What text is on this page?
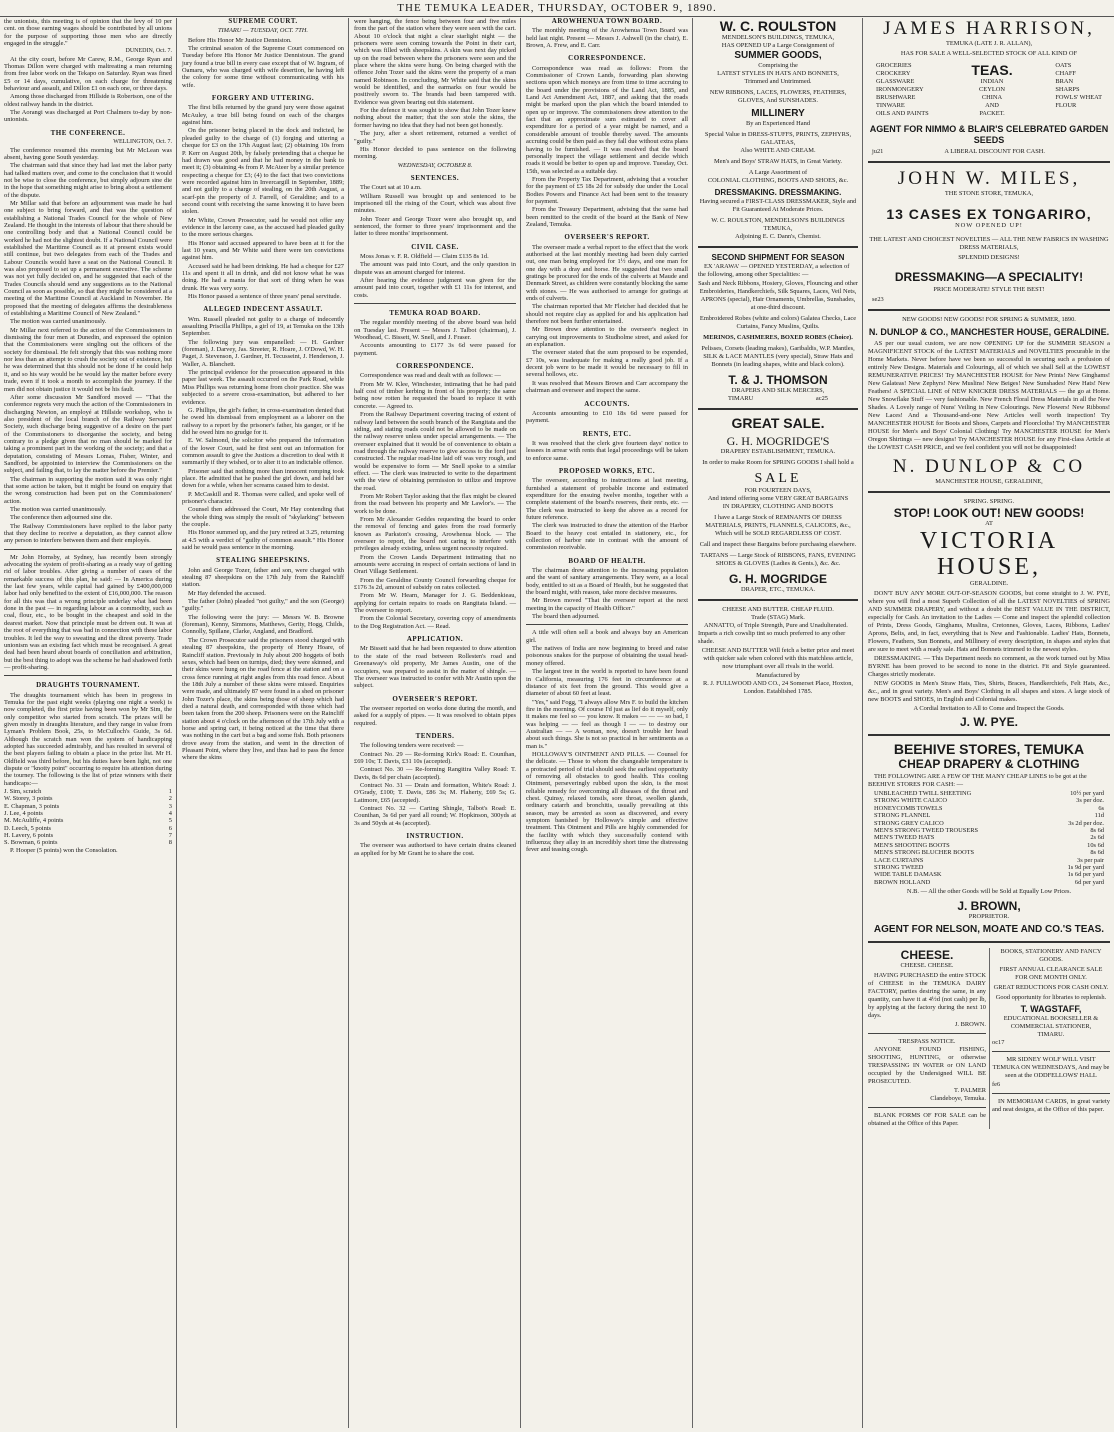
THE TEMUKA LEADER, THURSDAY, OCTOBER 9, 1890.

the unionists, this meeting is of opinion that the levy of 10 per cent. on those earning wages should be contributed by all unions for the purpose of supporting those men who are directly engaged in the struggle."

DUNEDIN, Oct. 7.

At the city court, before Mr Carew, R.M., George Ryan and Thomas Dillon were charged with maltreating a man returning from free labor work on the Tekapo on Saturday. Ryan was fined £5 or 14 days, cumulative, on each charge for threatening behaviour and assault, and Dillon £1 on each one, or three days.

Among those discharged from Hillside is Robertson, one of the oldest railway hands in the district.

The Aorangi was discharged at Port Chalmers to-day by non-unionists.

THE CONFERENCE.
WELLINGTON, Oct. 7.

The conference resumed this morning but Mr McLean was absent, having gone South yesterday.

The chairman said that since they had last met the labor party had talked matters over, and come to the conclusion that it would not be wise to close the conference, but simply adjourn sine die in the hope that something might arise to bring about a settlement of the dispute.

Mr Millar said that before an adjournment was made he had one subject to bring forward, and that was the question of establishing a National Trades Council for the whole of New Zealand. He thought in the interests of labour that there should be one controlling body and that a National Council could be worked he had not the slightest doubt. If a National Council were established the Maritime Council as it at present exists would still continue, but two delegates from each of the Trades and Labour Councils would have a seat on the National Council. It was also proposed to set up a permanent executive. The scheme was not yet fully decided on, and he suggested that each of the Trades Councils should send any suggestions as to the National Council as soon as possible, so that they might be considered at a meeting of the Maritime Council at Auckland in November. He proposed that the meeting of delegates affirms the desirableness of establishing a Maritime Council of New Zealand."

The motion was carried unanimously.

Mr Millar next referred to the action of the Commissioners in dismissing the four men at Dunedin, and expressed the opinion that the Commissioners were singling out the officers of the society for dismissal. He felt strongly that this was nothing more nor less than an attempt to crush the society out of existence, but he was determined that this should not be done if he could help it, and so his way would be he would lay the matter before every trade, even if it took a month to accomplish the journey. If the men did not obtain justice it would not be his fault.

After some discussion Mr Sandford moved — "That the conference regrets very much the action of the Commissioners in discharging Newton, an employé at Hillside workshop, who is also president of the local branch of the Railway Servants' Society, such discharge being suggestive of a desire on the part of the Commissioners to disorganise the society, and being contrary to a pledge given that no man should be marked for taking a prominent part in the working of the society; and that a deputation, consisting of Messrs Lomas, Fisher, Winter, and Sandford, be appointed to interview the Commissioners on the subject, and failing that, to lay the matter before the Premier."

The chairman in supporting the motion said it was only right that some action be taken, but it might be found on enquiry that the wrong construction had been put on the Commissioners' action.

The motion was carried unanimously.

The conference then adjourned sine die.

The Railway Commissioners have replied to the labor party that they decline to receive a deputation, as they cannot allow any person to interfere between them and their employés.

Mr John Hornsby, at Sydney, has recently been strongly advocating the system of profit-sharing as a ready way of getting rid of labor troubles. After giving a number of cases of the remarkable success of this plan, he said: — In America during the last few years, while capital had gained by £400,000,000 labor had only benefited to the extent of £16,000,000. The reason for all this was that a wrong principle underlay what had been done in the past — in regarding labour as a commodity, such as coal, flour, etc., to be bought in the cheapest and sold in the dearest market. Now that principle must be driven out. It was at the root of everything that was bad in connection with these labor troubles. It led the way to sweating and the direst poverty. Trade unionism was an existing fact which must be recognised. A great deal had been heard about boards of conciliation and arbitration, but the best thing to adopt was the scheme he had shadowed forth — profit-sharing.

DRAUGHTS TOURNAMENT.

The draughts tournament which has been in progress in Temuka for the past eight weeks (playing one night a week) is now completed, the first prize having been won by Mr Sim, the only competitor who started from scratch. The prizes will be given mostly in draughts literature, and they range in value from Lyman's Problem Book, 25s, to McCulloch's Guide, 3s 6d. Although the scratch man won the system of handicapping adopted has succeeded admirably, and has resulted in several of the best players failing to obtain a place in the prize list. Mr H. Oldfield was third before, but his duties have been light, not one dispute or "knotty point" occurring to require his attention during the tourney. The following is the list of prize winners with their handicaps:—

J. Sim, scratch	1
W. Storey, 3 points	2
E. Chapman, 3 points	3
J. Lee, 4 points	4
M. McAuliffe, 4 points	5
D. Leech, 5 points	6
H. Lavery, 6 points	7
S. Bowman, 6 points	8

P. Hooper (5 points) won the Consolation.

SUPREME COURT.
TIMARU — TUESDAY, OCT. 7TH.

Before His Honor Mr Justice Denniston.

The criminal session of the Supreme Court commenced on Tuesday before His Honor Mr Justice Dennistoun. The grand jury found a true bill in every case except that of W. Ingram, of Oamaru, who was charged with wife desertion, he having left the colony for some time without communicating with his wife.

FORGERY AND UTTERING.

The first bills returned by the grand jury were those against McAuley, a true bill being found on each of the charges against him.

On the prisoner being placed in the dock and indicted, he pleaded guilty to the charge of (1) forging and uttering a cheque for £3 on the 17th August last; (2) obtaining 10s from P. Kerr on August 20th, by falsely pretending that a cheque he had drawn was good and that he had money in the bank to meet it; (3) obtaining 4s from P. McAteer by a similar pretence respecting a cheque for £3; (4) to the fact that two convictions were recorded against him in Invercargill in September, 1889; and not guilty to a charge of stealing, on the 20th August, a scarf-pin the property of J. Farrell, of Geraldine; and to a second count with receiving the same knowing it to have been stolen.

Mr White, Crown Prosecutor, said he would not offer any evidence in the larceny case, as the accused had pleaded guilty to the more serious charges.

His Honor said accused appeared to have been at it for the last 10 years, and Mr White said there were ten convictions against him.

Accused said he had been drinking. He had a cheque for £27 11s and spent it all in drink, and did not know what he was doing. He had a mania for that sort of thing when he was drunk. He was very sorry.

His Honor passed a sentence of three years' penal servitude.

ALLEGED INDECENT ASSAULT.

Wm. Russell pleaded not guilty to a charge of indecently assaulting Priscilla Phillips, a girl of 19, at Temuka on the 13th September.

The following jury was empanelled: — H. Gardner (foreman), J. Darvey, Jas. Streeter, R. Hoare, J. O'Dowd, W. H. Paget, J. Stevenson, J. Gardner, H. Tecusseint, J. Henderson, J. Waller, A. Blanchett.

The principal evidence for the prosecution appeared in this paper last week. The assault occurred on the Park Road, while Miss Phillips was returning home from choir practice. She was subjected to a severe cross-examination, but adhered to her evidence.

G. Phillips, the girl's father, in cross-examination denied that he owed his dismissal from employment as a laborer on the railway to a report by the prisoner's father, his ganger, or if he did he owed him no grudge for it.

E. W. Salmond, the solicitor who prepared the information of the lower Court, said he first sent out an information for common assault to give the Justices a discretion to deal with it summarily if they wished, or to alter it to an indictable offence.

Prisoner said that nothing more than innocent romping took place. He admitted that he pushed the girl down, and held her down for a while, when her screams caused him to desist.

P. McCaskill and R. Thomas were called, and spoke well of prisoner's character.

Counsel then addressed the Court, Mr Hay contending that the whole thing was simply the result of "skylarking" between the couple.

His Honor summed up, and the jury retired at 3.25, returning at 4.5 with a verdict of "guilty of common assault." His Honor said he would pass sentence in the morning.

STEALING SHEEPSKINS.

John and George Tozer, father and son, were charged with stealing 87 sheepskins on the 17th July from the Raincliff station.

Mr Hay defended the accused.

The father (John) pleaded "not guilty," and the son (George) "guilty."

The following were the jury: — Messrs W. B. Browne (foreman), Kenny, Simmons, Matthews, Gerity, Hogg, Childs, Connolly, Spillane, Clarke, Angland, and Bradford.

The Crown Prosecutor said the prisoners stood charged with stealing 87 sheepskins, the property of Henry Hoare, of Raincliff station. Previously in July about 200 hoggets of both sexes, which had been on turnips, died; they were skinned, and their skins were hung on the road fence at the station and on a cross fence running at right angles from this road fence. About the 18th July a number of these skins were missed. Enquiries were made, and ultimately 87 were found in a shed on prisoner John Tozer's place, the skins being those of sheep which had died a natural death, and corresponded with those which had been taken from the 200 sheep. Prisoners were on the Raincliff station about 4 o'clock on the afternoon of the 17th July with a horse and spring cart, it being noticed at the time that there was nothing in the cart but a bag and some fish. Both prisoners drove away from the station, and went in the direction of Pleasant Point, where they live, and thus had to pass the fence where the skins

were hanging, the fence being between four and five miles from the part of the station where they were seen with the cart. About 10 o'clock that night a clear starlight night — the prisoners were seen coming towards the Point in their cart, which was filled with sheepskins. A skin was next day picked up on the road between where the prisoners were seen and the place where the skins were hung. On being charged with the offence John Tozer said the skins were the property of a man named Robinson. In concluding, Mr White said that the skins would be identified, and the earmarks on four would be positively sworn to. The brands had been tampered with. Evidence was given bearing out this statement.

For the defence it was sought to show that John Tozer knew nothing about the matter; that the son stole the skins, the former having no idea that they had not been got honestly.

The jury, after a short retirement, returned a verdict of "guilty."

His Honor decided to pass sentence on the following morning.

WEDNESDAY, OCTOBER 8.
SENTENCES.

The Court sat at 10 a.m.

William Russell was brought up and sentenced to be imprisoned till the rising of the Court, which was about five minutes.

John Tozer and George Tozer were also brought up, and sentenced, the former to three years' imprisonment and the latter to three months' imprisonment.

CIVIL CASE.

Moss Jonas v. F. R. Oldfield — Claim £135 8s 1d.

The amount was paid into Court, and the only question in dispute was an amount charged for interest.

After hearing the evidence judgment was given for the amount paid into court, together with £1 11s for interest, and costs.

TEMUKA ROAD BOARD.

The regular monthly meeting of the above board was held on Tuesday last. Present — Messrs J. Talbot (chairman), J. Woodhead, C. Bissett, W. Snell, and J. Fraser.

Accounts amounting to £177 3s 6d were passed for payment.

CORRESPONDENCE.

Correspondence was read and dealt with as follows: —

From Mr W. Klee, Winchester, intimating that he had paid half cost of timber kerbing in front of his property; the same being now rotten he requested the board to replace it with concrete. — Agreed to.

From the Railway Department covering tracing of extent of railway land between the south branch of the Rangitata and the siding, and stating roads could not be allowed to be made on the railway reserve unless under special arrangements. — The overseer explained that it would be of convenience to obtain a road through the railway reserve to give access to the ford just constructed. The regular road-line laid off was very rough, and would be expensive to form — Mr Snell spoke to a similar effect. — The clerk was instructed to write to the department with the view of obtaining permission to utilize and improve the road.

From Mr Robert Taylor asking that the flax might be cleared from the road between his property and Mr Lawlor's. — The work to be done.

From Mr Alexander Geddes requesting the board to order the removal of fencing and gates from the road formerly known as Parkston's crossing, Arowhenua block. — The overseer to report, the board not caring to interfere with privileges already existing, unless urgent necessity required.

From the Crown Lands Department intimating that no amounts were accruing in respect of certain sections of land in Orari Village Settlement.

From the Geraldine County Council forwarding cheque for £176 3s 2d, amount of subsidy on rates collected.

From Mr W. Hearn, Manager for J. G. Beddenkieau, applying for certain repairs to roads on Rangitata Island. — The overseer to report.

From the Colonial Secretary, covering copy of amendments to the Dog Registration Act. — Read.

APPLICATION.

Mr Bissett said that he had been requested to draw attention to the state of the road between Rollesten's road and Greenaway's old property, Mr James Austin, one of the occupiers, was prepared to assist in the matter of shingle. — The overseer was instructed to confer with Mr Austin upon the subject.

OVERSEER'S REPORT.

The overseer reported on works done during the month, and asked for a supply of pipes. — It was resolved to obtain pipes required.

TENDERS.

The following tenders were received: —

Contract No. 29 — Re-forming Kirk's Road: E. Counihan, £69 10s; T. Davis, £31 10s (accepted).

Contract No. 30 — Re-forming Rangitira Valley Road: T. Davis, 8s 6d per chain (accepted).

Contract No. 31 — Drain and formation, White's Road: J. O'Grady, £100; T. Davis, £86 3s; M. Flaherty, £69 5s; G. Latimore, £65 (accepted).

Contract No. 32 — Carting Shingle, Talbot's Road: E. Counihan, 3s 6d per yard all round; W. Hopkinson, 300yds at 3s and 50yds at 4s (accepted).

INSTRUCTION.

The overseer was authorised to have certain drains cleaned as applied for by Mr Grant he to share the cost.

AROWHENUA TOWN BOARD.

The monthly meeting of the Arowhenua Town Board was held last night. Present — Messrs J. Ashwell (in the chair), E. Brown, A. Frew, and E. Carr.

CORRESPONDENCE.

Correspondence was read as follows: From the Commissioner of Crown Lands, forwarding plan showing sections upon which moneys are from time to time accruing to the board under the provisions of the Land Act, 1885, and Land Act Amendment Act, 1887, and asking that the roads might be marked upon the plan which the board intended to open up or improve. The commissioners drew attention to the fact that an approximate sum estimated to cover all expenditure for a period of a year might be named, and a considerable amount of trouble thereby saved. The amounts accruing could be then paid as they fall due without extra plans having to be furnished. — It was resolved that the board personally inspect the village settlement and decide which roads it would be better to open up and improve. Tuesday, Oct. 15th, was selected as a suitable day.

From the Property Tax Department, advising that a voucher for the payment of £5 18s 2d for subsidy due under the Local Bodies Powers and Finance Act had been sent to the treasury for payment.

From the Treasury Department, advising that the same had been remitted to the credit of the board at the Bank of New Zealand, Temuka.

OVERSEER'S REPORT.

The overseer made a verbal report to the effect that the work authorised at the last monthly meeting had been duly carried out, one man being employed for 1½ days, and one man for one day with a dray and horse. He suggested that two small gratings be procured for the ends of the culverts at Maude and Denmark Street, as children were constantly blocking the same with stones. — He was authorised to arrange for gratings at ends of culverts.

The chairman reported that Mr Fletcher had decided that he should not require clay as applied for and his application had therefore not been further entertained.

Mr Brown drew attention to the overseer's neglect in carrying out improvements to Studholme street, and asked for an explanation.

The overseer stated that the sum proposed to be expended, £7 10s, was inadequate for making a really good job. If a decent job were to be made it would be necessary to fill in several hollows, etc.

It was resolved that Messrs Brown and Carr accompany the chairman and overseer and inspect the same.

ACCOUNTS.

Accounts amounting to £10 18s 6d were passed for payment.

RENTS, ETC.

It was resolved that the clerk give fourteen days' notice to lessees in arrear with rents that legal proceedings will be taken to enforce same.

PROPOSED WORKS, ETC.

The overseer, according to instructions at last meeting, furnished a statement of probable income and estimated expenditure for the ensuing twelve months, together with a complete statement of the board's reserves, their rents, etc. — The clerk was instructed to keep the above as a record for future reference.

The clerk was instructed to draw the attention of the Harbor Board to the heavy cost entailed in stationery, etc., for collection of harbor rate in contrast with the amount of commission receivable.

BOARD OF HEALTH.

The chairman drew attention to the increasing population and the want of sanitary arrangements. They were, as a local body, entitled to sit as a Board of Health, but he suggested that the board might, with reason, take more decisive measures.

Mr Brown moved "That the overseer report at the next meeting in the capacity of Health Officer."

The board then adjourned.

A title will often sell a book and always buy an American girl.

The natives of India are now beginning to breed and raise poisonous snakes for the purpose of obtaining the usual head-money offered.

The largest tree in the world is reported to have been found in California, measuring 176 feet in circumference at a distance of six feet from the ground. This would give a diameter of about 60 feet at least.

"Yes," said Fogg, "I always allow Mrs F. to build the kitchen fire in the morning. Of course I'd just as lief do it myself, only it makes me feel so — you know. It makes — — — so bad, I was helping — — feel as though I — — to destroy our Australian — — A woman, now, doesn't trouble her head about such things. She is not so practical in her sentiments as a man is."

HOLLOWAY'S OINTMENT AND PILLS. — Counsel for the delicate. — Those to whom the changeable temperature is a protracted period of trial should seek the earliest opportunity of removing all obstacles to good health. This cooling Ointment, perseveringly rubbed upon the skin, is the most reliable remedy for overcoming all diseases of the throat and chest. Quinsy, relaxed tonsils, sore throat, swollen glands, ordinary catarrh and bronchitis, usually prevailing at this season, may be arrested as soon as discovered, and every symptom banished by Holloway's simple and effective treatment. This Ointment and Pills are highly commended for the facility with which they successfully contend with influenza; they allay in an incredibly short time the distressing fever and teasing cough.

W. C. ROULSTON
MENDELSON'S BUILDINGS, TEMUKA,
HAS OPENED UP a Large Consignment of
SUMMER GOODS,
Comprising the
LATEST STYLES IN HATS AND BONNETS,
Trimmed and Untrimmed.
NEW RIBBONS, LACES, FLOWERS, FEATHERS, GLOVES, And SUNSHADES.
MILLINERY
By an Experienced Hand
Special Value in DRESS-STUFFS, PRINTS, ZEPHYRS, GALATEAS,
Also WHITE AND CREAM.
Men's and Boys' STRAW HATS, in Great Variety.
A Large Assortment of
COLONIAL CLOTHING, BOOTS AND SHOES, &c.
DRESSMAKING. DRESSMAKING.
Having secured a FIRST-CLASS DRESSMAKER, Style and Fit Guaranteed At Moderate Prices.
W. C. ROULSTON, MENDELSON'S BUILDINGS TEMUKA,
Adjoining E. C. Dann's, Chemist.
SECOND SHIPMENT FOR SEASON

EX 'ARAWA' — OPENED YESTERDAY, a selection of the following, among other Specialities: —

Sash and Neck Ribbons, Hosiery, Gloves, Flouncing and other Embroideries, Handkerchiefs, Silk Squares, Laces, Veil Nets, APRONS (special), Hair Ornaments, Umbrellas, Sunshades, at one-third discount.

Embroidered Robes (white and colors) Galatea Checks, Lace Curtains, Fancy Muslins, Quilts.

MERINOS, CASHMERES, BOXED ROBES (Choice).

Pelisses, Corsets (leading makes), Garibaldis, W.P. Mantles, SILK & LACE MANTLES (very special), Straw Hats and Bonnets (in leading shapes, white and black colors).

T. & J. THOMSON
DRAPERS AND SILK MERCERS,
TIMARU	ac25
GREAT SALE.
G. H. MOGRIDGE'S
DRAPERY ESTABLISHMENT, TEMUKA.
In order to make Room for SPRING GOODS I shall hold a
SALE
FOR FOURTEEN DAYS,
And intend offering some VERY GREAT BARGAINS
IN DRAPERY, CLOTHING AND BOOTS
I have a Large Stock of REMNANTS OF DRESS MATERIALS, PRINTS, FLANNELS, CALICOES, &c., Which will be SOLD REGARDLESS OF COST.
Call and inspect these Bargains before purchasing elsewhere.
TARTANS — Large Stock of RIBBONS, FANS, EVENING SHOES & GLOVES (Ladies & Gents.), &c. &c.
G. H. MOGRIDGE
DRAPER, ETC., TEMUKA.
CHEESE AND BUTTER. CHEAP FLUID.
Trade (STAG) Mark.

ANNATTO, of Triple Strength, Pure and Unadulterated. Imparts a rich cowslip tint so much preferred to any other shade.

CHEESE AND BUTTER Will fetch a better price and meet with quicker sale when colored with this matchless article, now triumphant over all rivals in the world.

Manufactured by
R. J. FULLWOOD AND CO., 24 Somerset Place, Hoxton, London. Established 1785.
JAMES HARRISON,
TEMUKA (LATE J. R. ALLAN),
HAS FOR SALE A WELL-SELECTED STOCK OF ALL KIND OF
GROCERIES
CROCKERY
GLASSWARE
IRONMONGERY
BRUSHWARE
TINWARE
OILS AND PAINTS
TEAS.
INDIAN
CEYLON
CHINA
AND
PACKET.
OATS
CHAFF
BRAN
SHARPS
FOWLS' WHEAT
FLOUR
AGENT FOR NIMMO & BLAIR'S CELEBRATED GARDEN SEEDS
ju21	A LIBERAL DISCOUNT FOR CASH.
JOHN W. MILES,
THE STONE STORE, TEMUKA,
13 CASES EX TONGARIRO,
NOW OPENED UP!
THE LATEST AND CHOICEST NOVELTIES — ALL THE NEW FABRICS IN WASHING DRESS MATERIALS,
SPLENDID DESIGNS!
DRESSMAKING—A SPECIALITY!
PRICE MODERATE! STYLE THE BEST!
se23
NEW GOODS! NEW GOODS! FOR SPRING & SUMMER, 1890.
N. DUNLOP & CO., MANCHESTER HOUSE, GERALDINE.

AS per our usual custom, we are now OPENING UP for the SUMMER SEASON a MAGNIFICENT STOCK of the LATEST MATERIALS and NOVELTIES procurable in the Home Markets. Never before have we been so successful in securing such a profusion of entirely New Designs. Materials and Colourings, all of which we shall Sell at the LOWEST REMUNERATIVE PRICES! Try MANCHESTER HOUSE for New Prints! New Ginghams! New Galateas! New Zephyrs! New Muslins! New Beiges! New Sunshades! New Hats! New Feathers! A SPECIAL LINE of NEW KNICKER DRESS MATERIALS — the go at Home. New Snowflake Stuff — very fashionable. New French Floral Dress Materials in all the New Shades. A Lovely range of Nuns' Veiling in New Colourings. New Flowers! New Ribbons! New Laces! And a Thousand-and-one New Articles well worth inspection! Try MANCHESTER HOUSE for Boots and Shoes, Carpets and Floorcloths! Try MANCHESTER HOUSE for Men's and Boys' Colonial Clothing! Try MANCHESTER HOUSE for Men's Oregon Shirtings — new designs! Try MANCHESTER HOUSE for any First-class Article at the LOWEST CASH PRICE, and we feel confident you will not be disappointed!

N. DUNLOP & CO
MANCHESTER HOUSE, GERALDINE,
SPRING. SPRING.
STOP! LOOK OUT! NEW GOODS!
AT
VICTORIA HOUSE,
GERALDINE.

DON'T BUY ANY MORE OUT-OF-SEASON GOODS, but come straight to J. W. PYE, where you will find a most Superb Collection of all the LATEST NOVELTIES of SPRING AND SUMMER DRAPERY, and without a doubt the BEST VALUE IN THE DISTRICT, especially for Cash. An invitation to the Ladies — Come and inspect the splendid collection of Prints, Dress Goods, Ginghams, Muslins, Cretonnes, Gloves, Laces, Ribbons, Ladies' Aprons, Belts, and, in fact, everything that is New and Fashionable. Ladies' Hats, Bonnets, Flowers, Feathers, Sun Bonnets, and Millinery of every description, in shapes and styles that are sure to meet with a ready sale. Hats and Bonnets trimmed to the newest styles.

DRESSMAKING. — This Department needs no comment, as the work turned out by Miss BYRNE has been proved to be second to none in the district. Fit and Style guaranteed. Charges strictly moderate.

NEW GOODS in Men's Straw Hats, Ties, Shirts, Braces, Handkerchiefs, Felt Hats, &c., &c., and in great variety. Men's and Boys' Clothing in all shapes and sizes. A large stock of new BOOTS and SHOES, in English and Colonial makes.

A Cordial Invitation to All to Come and Inspect the Goods.
J. W. PYE.
BEEHIVE STORES, TEMUKA
CHEAP DRAPERY & CLOTHING

THE FOLLOWING ARE A FEW OF THE MANY CHEAP LINES to be got at the BEEHIVE STORES FOR CASH: —

UNBLEACHED TWILL SHEETING	10½ per yard
STRONG WHITE CALICO	3s per doz.
HONEYCOMB TOWELS	6s
STRONG FLANNEL	11d
STRONG GREY CALICO	3s 2d per doz.
MEN'S STRONG TWEED TROUSERS	8s 6d
MEN'S TWEED HATS	2s 6d
MEN'S SHOOTING BOOTS	10s 6d
MEN'S STRONG BLUCHER BOOTS	8s 6d
LACE CURTAINS	3s per pair
STRONG TWEED	1s 9d per yard
WIDE TABLE DAMASK	1s 6d per yard
BROWN HOLLAND	6d per yard
N.B. — All the other Goods will be Sold at Equally Low Prices.
J. BROWN,
PROPRIETOR.
AGENT FOR NELSON, MOATE AND CO.'S TEAS.
CHEESE.
CHEESE. CHEESE.

HAVING PURCHASED the entire STOCK of CHEESE in the TEMUKA DAIRY FACTORY, parties desiring the same, in any quantity, can have it at 4½d (not cash) per lb, by applying at the factory during the next 10 days.

J. BROWN.
TRESPASS NOTICE.

ANYONE FOUND FISHING, SHOOTING, HUNTING, or otherwise TRESPASSING IN WATER or ON LAND occupied by the Undersigned WILL BE PROSECUTED.

T. PALMER
Clandeboye, Temuka.

BLANK FORMS OF FOR SALE can be obtained at the Office of this Paper.

BOOKS, STATIONERY AND FANCY GOODS.
FIRST ANNUAL CLEARANCE SALE
FOR ONE MONTH ONLY.
GREAT REDUCTIONS FOR CASH ONLY.
Good opportunity for libraries to replenish.
T. WAGSTAFF,
EDUCATIONAL BOOKSELLER & COMMERCIAL STATIONER,
TIMARU.
oc17

MR SIDNEY WOLF WILL VISIT TEMUKA ON WEDNESDAYS, And may be seen at the ODDFELLOWS' HALL

fe6

IN MEMORIAM CARDS, in great variety and neat designs, at the Office of this paper.
